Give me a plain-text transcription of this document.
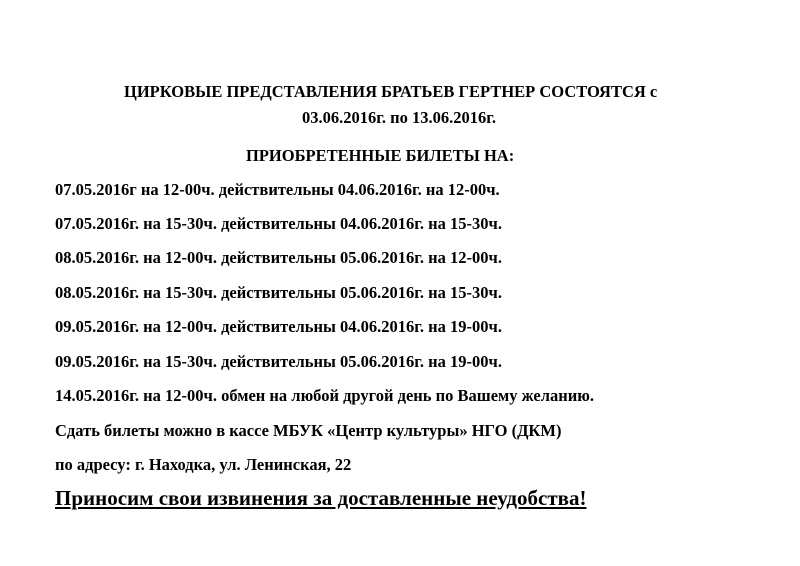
ЦИРКОВЫЕ ПРЕДСТАВЛЕНИЯ БРАТЬЕВ ГЕРТНЕР СОСТОЯТСЯ с
03.06.2016г. по 13.06.2016г.
ПРИОБРЕТЕННЫЕ БИЛЕТЫ НА:
07.05.2016г на 12-00ч. действительны 04.06.2016г. на 12-00ч.
07.05.2016г. на 15-30ч. действительны 04.06.2016г. на 15-30ч.
08.05.2016г. на 12-00ч. действительны 05.06.2016г. на 12-00ч.
08.05.2016г. на 15-30ч. действительны 05.06.2016г. на 15-30ч.
09.05.2016г. на 12-00ч. действительны 04.06.2016г. на 19-00ч.
09.05.2016г. на 15-30ч. действительны 05.06.2016г. на 19-00ч.
14.05.2016г. на 12-00ч. обмен на любой другой день по Вашему желанию.
Сдать билеты можно в кассе МБУК «Центр культуры» НГО (ДКМ)
по адресу: г. Находка, ул. Ленинская, 22
Приносим свои извинения за доставленные неудобства!
